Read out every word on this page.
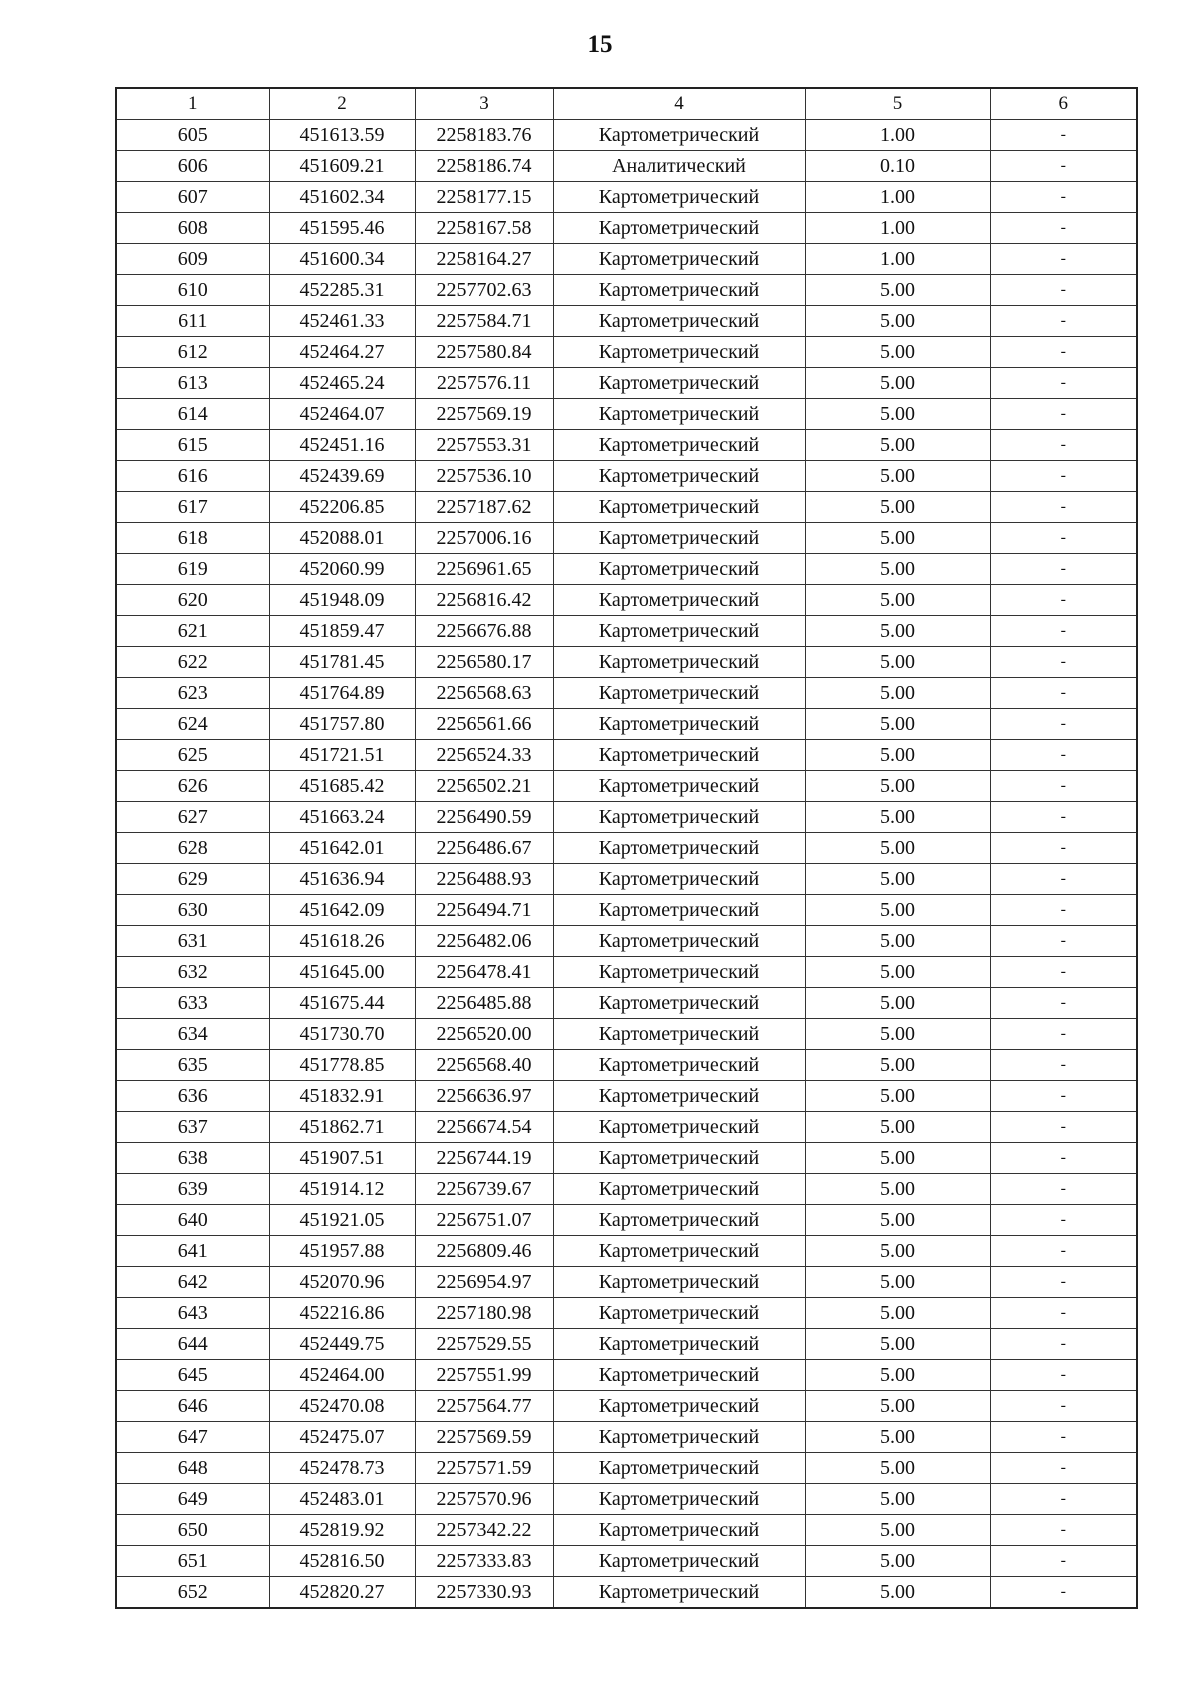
15
1	2	3	4	5	6
605	451613.59	2258183.76	Картометрический	1.00	-
606	451609.21	2258186.74	Аналитический	0.10	-
607	451602.34	2258177.15	Картометрический	1.00	-
608	451595.46	2258167.58	Картометрический	1.00	-
609	451600.34	2258164.27	Картометрический	1.00	-
610	452285.31	2257702.63	Картометрический	5.00	-
611	452461.33	2257584.71	Картометрический	5.00	-
612	452464.27	2257580.84	Картометрический	5.00	-
613	452465.24	2257576.11	Картометрический	5.00	-
614	452464.07	2257569.19	Картометрический	5.00	-
615	452451.16	2257553.31	Картометрический	5.00	-
616	452439.69	2257536.10	Картометрический	5.00	-
617	452206.85	2257187.62	Картометрический	5.00	-
618	452088.01	2257006.16	Картометрический	5.00	-
619	452060.99	2256961.65	Картометрический	5.00	-
620	451948.09	2256816.42	Картометрический	5.00	-
621	451859.47	2256676.88	Картометрический	5.00	-
622	451781.45	2256580.17	Картометрический	5.00	-
623	451764.89	2256568.63	Картометрический	5.00	-
624	451757.80	2256561.66	Картометрический	5.00	-
625	451721.51	2256524.33	Картометрический	5.00	-
626	451685.42	2256502.21	Картометрический	5.00	-
627	451663.24	2256490.59	Картометрический	5.00	-
628	451642.01	2256486.67	Картометрический	5.00	-
629	451636.94	2256488.93	Картометрический	5.00	-
630	451642.09	2256494.71	Картометрический	5.00	-
631	451618.26	2256482.06	Картометрический	5.00	-
632	451645.00	2256478.41	Картометрический	5.00	-
633	451675.44	2256485.88	Картометрический	5.00	-
634	451730.70	2256520.00	Картометрический	5.00	-
635	451778.85	2256568.40	Картометрический	5.00	-
636	451832.91	2256636.97	Картометрический	5.00	-
637	451862.71	2256674.54	Картометрический	5.00	-
638	451907.51	2256744.19	Картометрический	5.00	-
639	451914.12	2256739.67	Картометрический	5.00	-
640	451921.05	2256751.07	Картометрический	5.00	-
641	451957.88	2256809.46	Картометрический	5.00	-
642	452070.96	2256954.97	Картометрический	5.00	-
643	452216.86	2257180.98	Картометрический	5.00	-
644	452449.75	2257529.55	Картометрический	5.00	-
645	452464.00	2257551.99	Картометрический	5.00	-
646	452470.08	2257564.77	Картометрический	5.00	-
647	452475.07	2257569.59	Картометрический	5.00	-
648	452478.73	2257571.59	Картометрический	5.00	-
649	452483.01	2257570.96	Картометрический	5.00	-
650	452819.92	2257342.22	Картометрический	5.00	-
651	452816.50	2257333.83	Картометрический	5.00	-
652	452820.27	2257330.93	Картометрический	5.00	-
